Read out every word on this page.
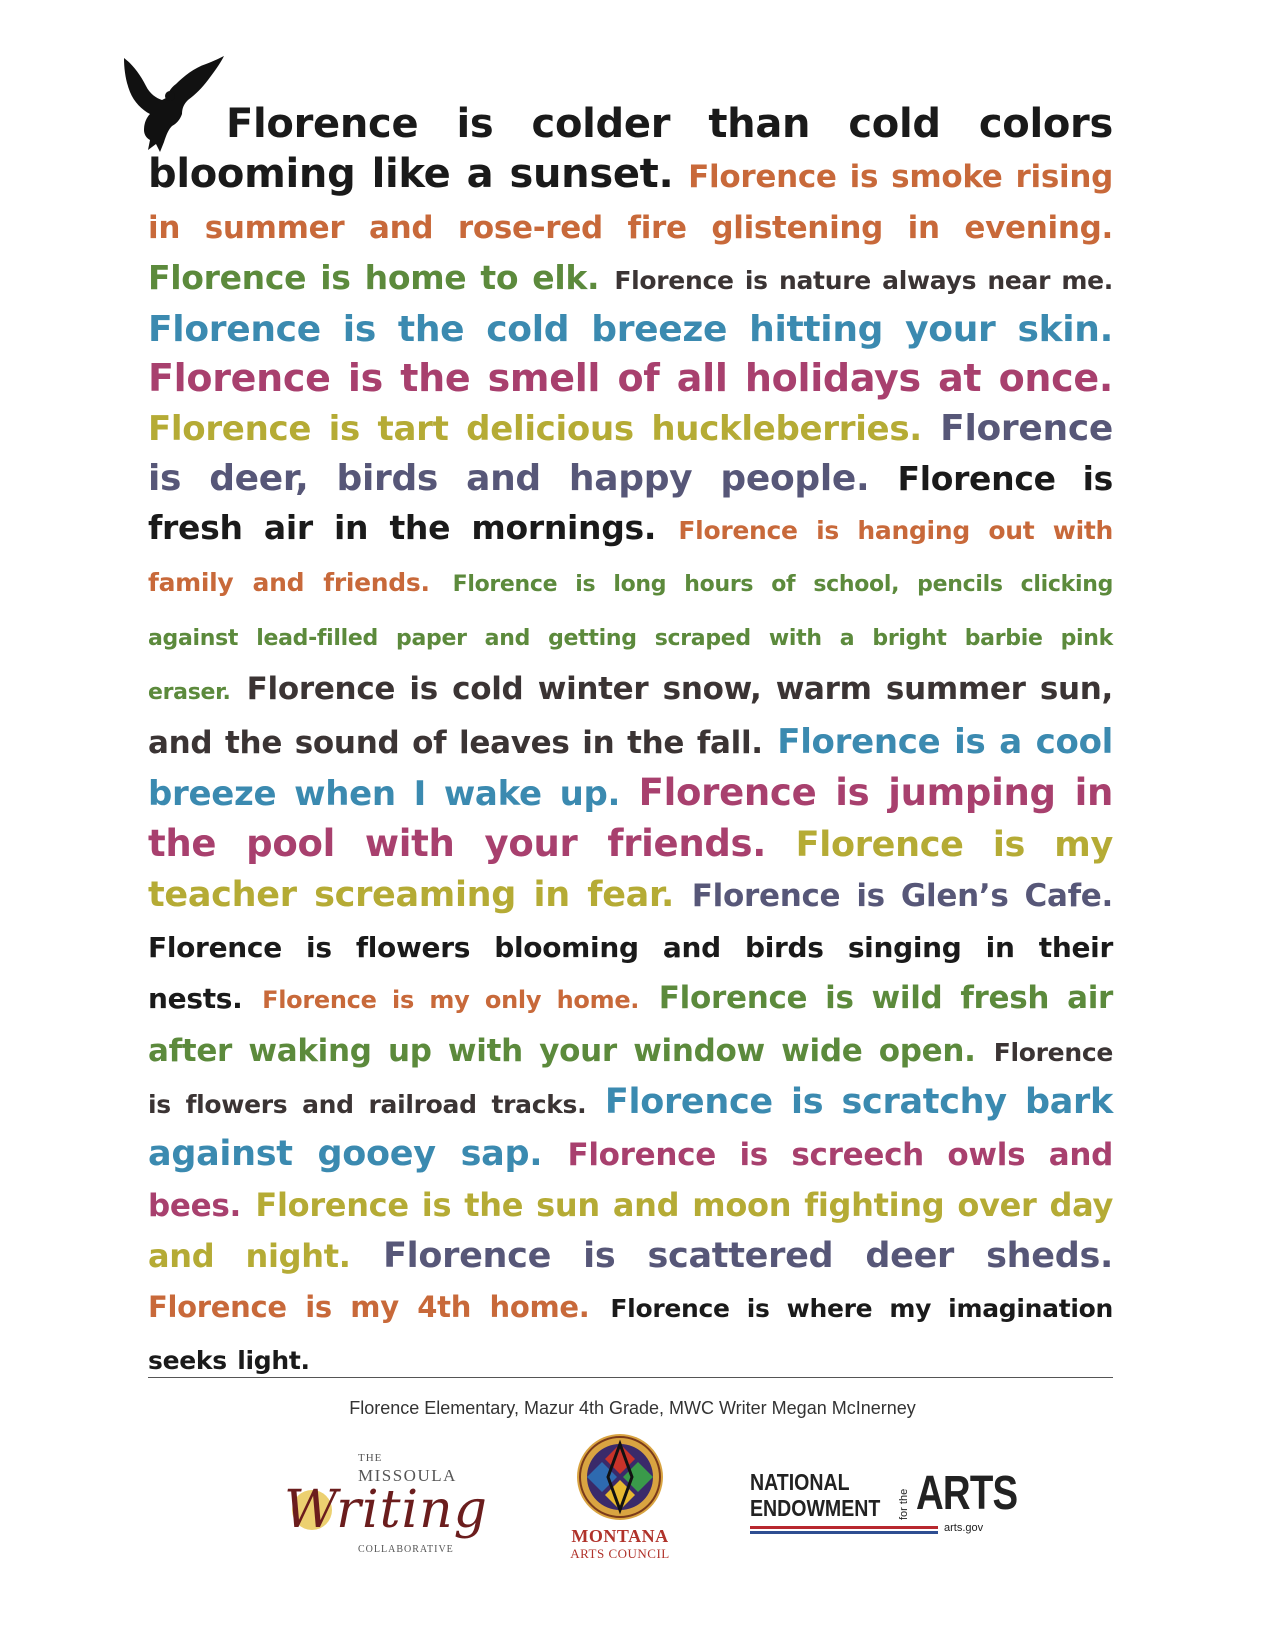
Florence is colder than cold colors blooming like a sunset. Florence is smoke rising in summer and rose-red fire glistening in evening. Florence is home to elk. Florence is nature always near me. Florence is the cold breeze hitting your skin. Florence is the smell of all holidays at once. Florence is tart delicious huckleberries. Florence is deer, birds and happy people. Florence is fresh air in the mornings. Florence is hanging out with family and friends. Florence is long hours of school, pencils clicking against lead-filled paper and getting scraped with a bright barbie pink eraser. Florence is cold winter snow, warm summer sun, and the sound of leaves in the fall. Florence is a cool breeze when I wake up. Florence is jumping in the pool with your friends. Florence is my teacher screaming in fear. Florence is Glen’s Cafe. Florence is flowers blooming and birds singing in their nests. Florence is my only home. Florence is wild fresh air after waking up with your window wide open. Florence is flowers and railroad tracks. Florence is scratchy bark against gooey sap. Florence is screech owls and bees. Florence is the sun and moon fighting over day and night. Florence is scattered deer sheds. Florence is my 4th home. Florence is where my imagination seeks light.
Florence Elementary, Mazur 4th Grade, MWC Writer Megan McInerney
THE
MISSOULA
Writing
COLLABORATIVE
MONTANA
ARTS COUNCIL
NATIONAL
ENDOWMENT for the ARTS
arts.gov
